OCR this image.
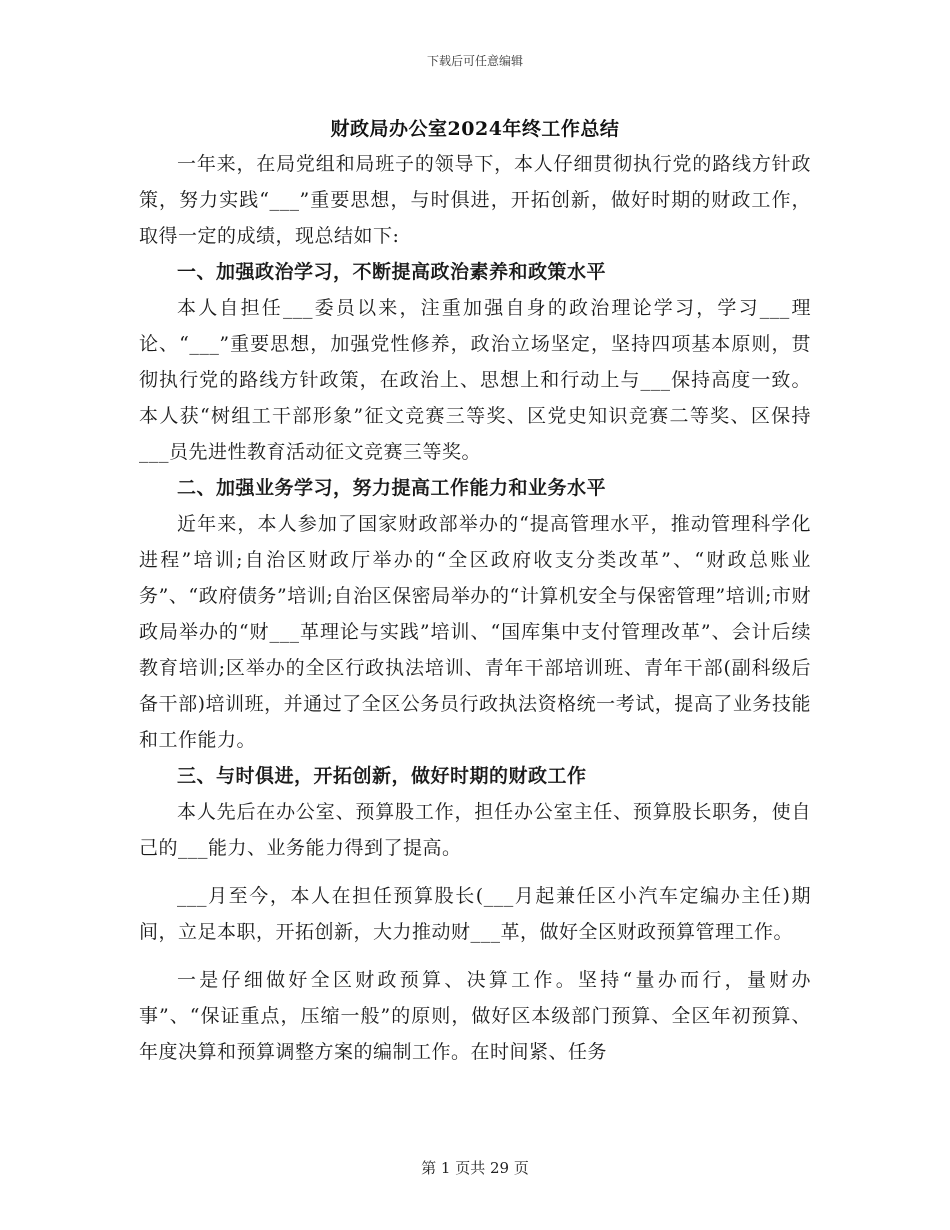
下载后可任意编辑
财政局办公室2024年终工作总结

一年来，在局党组和局班子的领导下，本人仔细贯彻执行党的路线方针政策，努力实践“___”重要思想，与时俱进，开拓创新，做好时期的财政工作，取得一定的成绩，现总结如下:

一、加强政治学习，不断提高政治素养和政策水平

本人自担任___委员以来，注重加强自身的政治理论学习，学习___理论、“___”重要思想，加强党性修养，政治立场坚定，坚持四项基本原则，贯彻执行党的路线方针政策，在政治上、思想上和行动上与___保持高度一致。本人获“树组工干部形象”征文竞赛三等奖、区党史知识竞赛二等奖、区保持___员先进性教育活动征文竞赛三等奖。

二、加强业务学习，努力提高工作能力和业务水平

近年来，本人参加了国家财政部举办的“提高管理水平，推动管理科学化进程”培训;自治区财政厅举办的“全区政府收支分类改革”、“财政总账业务”、“政府债务”培训;自治区保密局举办的“计算机安全与保密管理”培训;市财政局举办的“财___革理论与实践”培训、“国库集中支付管理改革”、会计后续教育培训;区举办的全区行政执法培训、青年干部培训班、青年干部(副科级后备干部)培训班，并通过了全区公务员行政执法资格统一考试，提高了业务技能和工作能力。

三、与时俱进，开拓创新，做好时期的财政工作

本人先后在办公室、预算股工作，担任办公室主任、预算股长职务，使自己的___能力、业务能力得到了提高。

___月至今，本人在担任预算股长(___月起兼任区小汽车定编办主任)期间，立足本职，开拓创新，大力推动财___革，做好全区财政预算管理工作。

一是仔细做好全区财政预算、决算工作。坚持“量办而行，量财办事”、“保证重点，压缩一般”的原则，做好区本级部门预算、全区年初预算、年度决算和预算调整方案的编制工作。在时间紧、任务

第 1 页共 29 页
